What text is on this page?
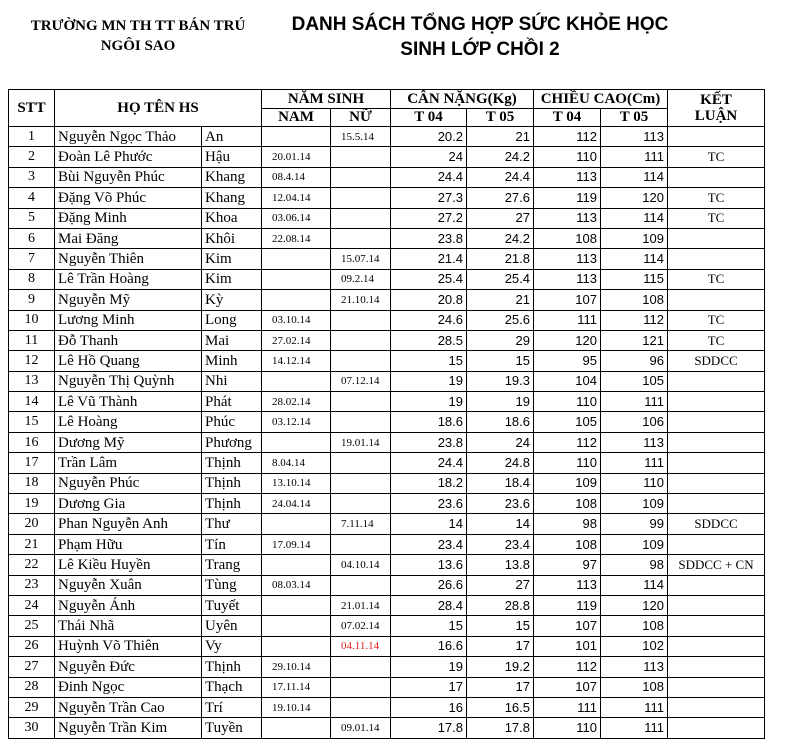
TRƯỜNG MN TH TT BÁN TRÚ
NGÔI SAO
DANH SÁCH TỔNG HỢP SỨC KHỎE HỌC
SINH LỚP CHỒI 2
STT	HỌ TÊN HS		NĂM SINH		CÂN NẶNG(Kg)		CHIỀU CAO(Cm)		KẾT
LUẬN

			NAM	NỮ	T 04	T 05	T 04	T 05	
1	Nguyễn Ngọc Thảo	An		15.5.14	20.2	21	112	113	
2	Đoàn Lê Phước	Hậu	20.01.14		24	24.2	110	111	TC
3	Bùi Nguyễn Phúc	Khang	08.4.14		24.4	24.4	113	114	
4	Đặng Võ Phúc	Khang	12.04.14		27.3	27.6	119	120	TC
5	Đặng Minh	Khoa	03.06.14		27.2	27	113	114	TC
6	Mai Đăng	Khôi	22.08.14		23.8	24.2	108	109	
7	Nguyễn Thiên	Kim		15.07.14	21.4	21.8	113	114	
8	Lê Trần Hoàng	Kim		09.2.14	25.4	25.4	113	115	TC
9	Nguyễn Mỹ	Kỳ		21.10.14	20.8	21	107	108	
10	Lương Minh	Long	03.10.14		24.6	25.6	111	112	TC
11	Đỗ Thanh	Mai	27.02.14		28.5	29	120	121	TC
12	Lê Hồ Quang	Minh	14.12.14		15	15	95	96	SDDCC
13	Nguyễn Thị Quỳnh	Nhi		07.12.14	19	19.3	104	105	
14	Lê Vũ Thành	Phát	28.02.14		19	19	110	111	
15	Lê Hoàng	Phúc	03.12.14		18.6	18.6	105	106	
16	Dương Mỹ	Phương		19.01.14	23.8	24	112	113	
17	Trần Lâm	Thịnh	8.04.14		24.4	24.8	110	111	
18	Nguyễn Phúc	Thịnh	13.10.14		18.2	18.4	109	110	
19	Dương Gia	Thịnh	24.04.14		23.6	23.6	108	109	
20	Phan Nguyễn Anh	Thư		7.11.14	14	14	98	99	SDDCC
21	Phạm Hữu	Tín	17.09.14		23.4	23.4	108	109	
22	Lê Kiều Huyền	Trang		04.10.14	13.6	13.8	97	98	SDDCC + CN
23	Nguyễn Xuân	Tùng	08.03.14		26.6	27	113	114	
24	Nguyễn Ánh	Tuyết		21.01.14	28.4	28.8	119	120	
25	Thái Nhã	Uyên		07.02.14	15	15	107	108	
26	Huỳnh Võ Thiên	Vy		04.11.14	16.6	17	101	102	
27	Nguyễn Đức	Thịnh	29.10.14		19	19.2	112	113	
28	Đinh Ngọc	Thạch	17.11.14		17	17	107	108	
29	Nguyễn Trần Cao	Trí	19.10.14		16	16.5	111	111	
30	Nguyễn Trần Kim	Tuyền		09.01.14	17.8	17.8	110	111	
